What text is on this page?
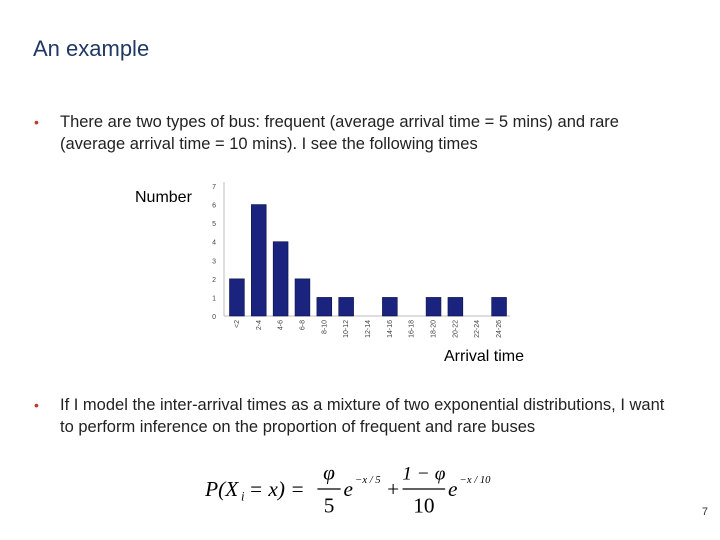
An example
• There are two types of bus: frequent (average arrival time = 5 mins) and rare (average arrival time = 10 mins). I see the following times
0
1
2
3
4
5
6
7
<2 2-4 4-6 6-8 8-10 10-12 12-14 14-16 16-18 18-20 20-22 22-24 24-26
Number
Arrival time
• If I model the inter-arrival times as a mixture of two exponential distributions, I want to perform inference on the proportion of frequent and rare buses
P(X i = x) =
φ
5
e −x / 5 +
1 − φ
10
e −x / 10
7
